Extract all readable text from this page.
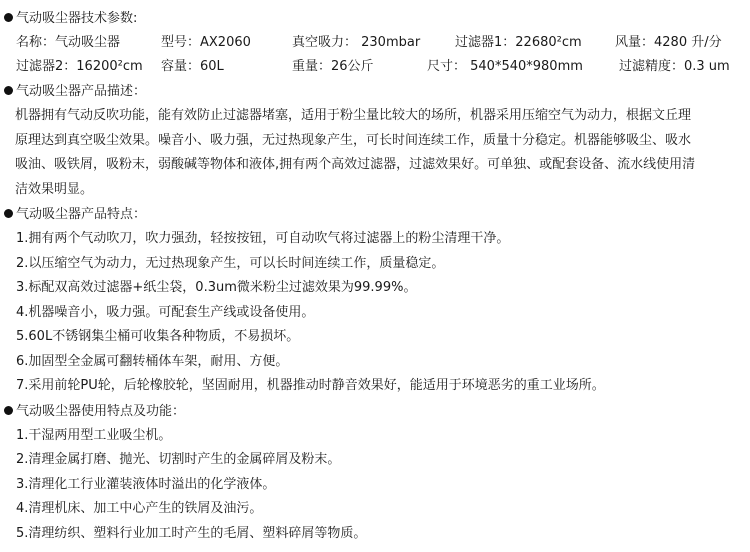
气动吸尘器技术参数:
名称：气动吸尘器	型号：AX2060	真空吸力： 230mbar	过滤器1：22680²cm	风量：4280 升/分
过滤器2：16200²cm 容量：60L	重量：26公斤	尺寸： 540*540*980mm	过滤精度：0.3 um
气动吸尘器产品描述：
机器拥有气动反吹功能，能有效防止过滤器堵塞，适用于粉尘量比较大的场所，机器采用压缩空气为动力，根据文丘理
原理达到真空吸尘效果。噪音小、吸力强，无过热现象产生，可长时间连续工作，质量十分稳定。机器能够吸尘、吸水
吸油、吸铁屑，吸粉末，弱酸碱等物体和液体,拥有两个高效过滤器，过滤效果好。可单独、或配套设备、流水线使用清
洁效果明显。
气动吸尘器产品特点：
1.拥有两个气动吹刀，吹力强劲，轻按按钮，可自动吹气将过滤器上的粉尘清理干净。
2.以压缩空气为动力，无过热现象产生，可以长时间连续工作，质量稳定。
3.标配双高效过滤器+纸尘袋，0.3um微米粉尘过滤效果为99.99%。
4.机器噪音小，吸力强。可配套生产线或设备使用。
5.60L不锈钢集尘桶可收集各种物质，不易损坏。
6.加固型全金属可翻转桶体车架，耐用、方便。
7.采用前轮PU轮，后轮橡胶轮，坚固耐用，机器推动时静音效果好，能适用于环境恶劣的重工业场所。
气动吸尘器使用特点及功能：
1.干湿两用型工业吸尘机。
2.清理金属打磨、抛光、切割时产生的金属碎屑及粉末。
3.清理化工行业灌装液体时溢出的化学液体。
4.清理机床、加工中心产生的铁屑及油污。
5.清理纺织、塑料行业加工时产生的毛屑、塑料碎屑等物质。
